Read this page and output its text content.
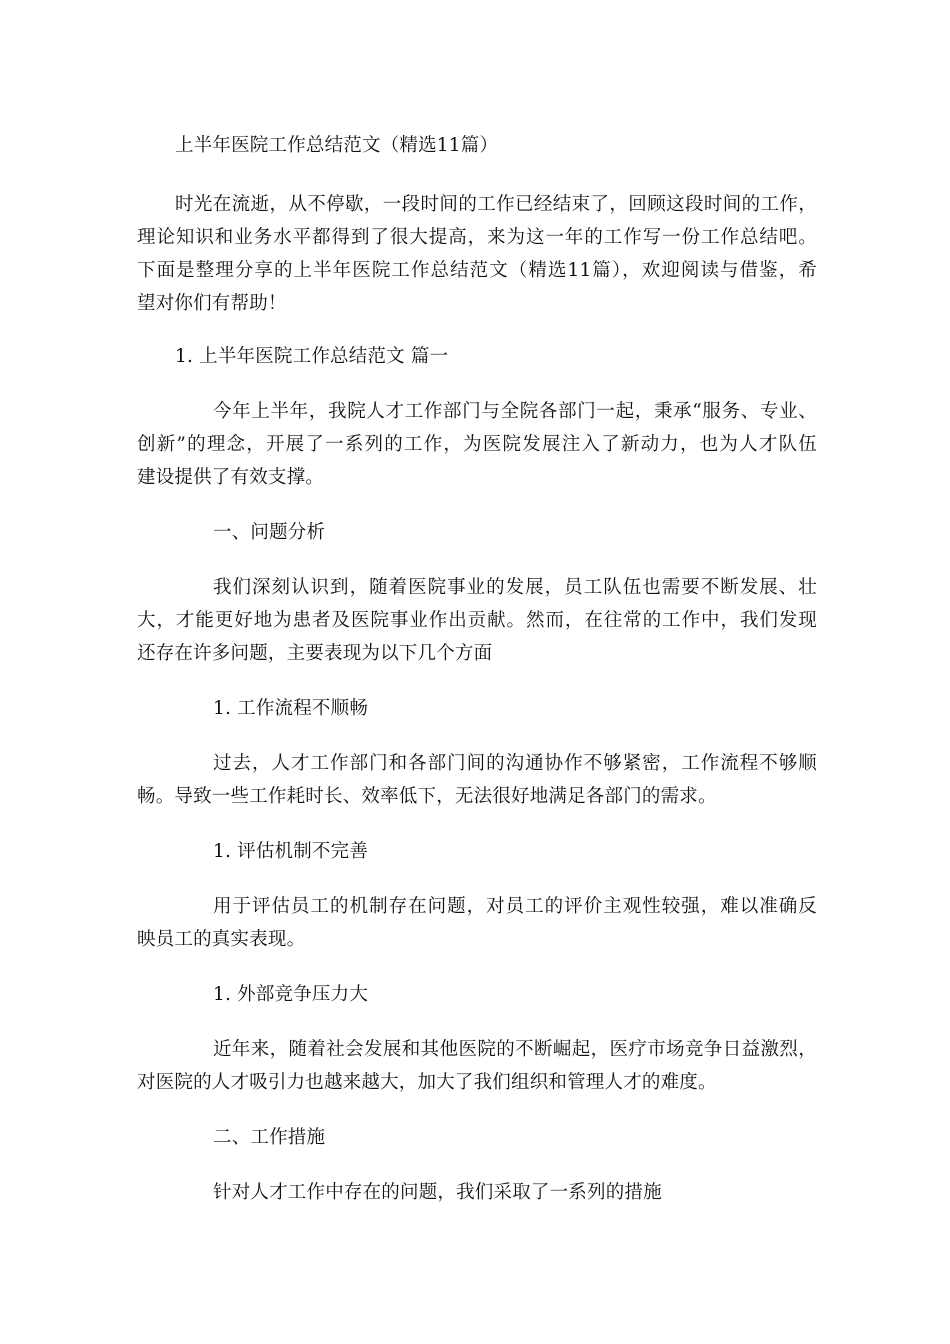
上半年医院工作总结范文（精选11篇）
时光在流逝，从不停歇，一段时间的工作已经结束了，回顾这段时间的工作，
理论知识和业务水平都得到了很大提高，来为这一年的工作写一份工作总结吧。
下面是整理分享的上半年医院工作总结范文（精选11篇），欢迎阅读与借鉴，希
望对你们有帮助！
1. 上半年医院工作总结范文 篇一
今年上半年，我院人才工作部门与全院各部门一起，秉承“服务、专业、
创新”的理念，开展了一系列的工作，为医院发展注入了新动力，也为人才队伍
建设提供了有效支撑。
一、问题分析
我们深刻认识到，随着医院事业的发展，员工队伍也需要不断发展、壮
大，才能更好地为患者及医院事业作出贡献。然而，在往常的工作中，我们发现
还存在许多问题，主要表现为以下几个方面
1. 工作流程不顺畅
过去，人才工作部门和各部门间的沟通协作不够紧密，工作流程不够顺
畅。导致一些工作耗时长、效率低下，无法很好地满足各部门的需求。
1. 评估机制不完善
用于评估员工的机制存在问题，对员工的评价主观性较强，难以准确反
映员工的真实表现。
1. 外部竞争压力大
近年来，随着社会发展和其他医院的不断崛起，医疗市场竞争日益激烈，
对医院的人才吸引力也越来越大，加大了我们组织和管理人才的难度。
二、工作措施
针对人才工作中存在的问题，我们采取了一系列的措施
